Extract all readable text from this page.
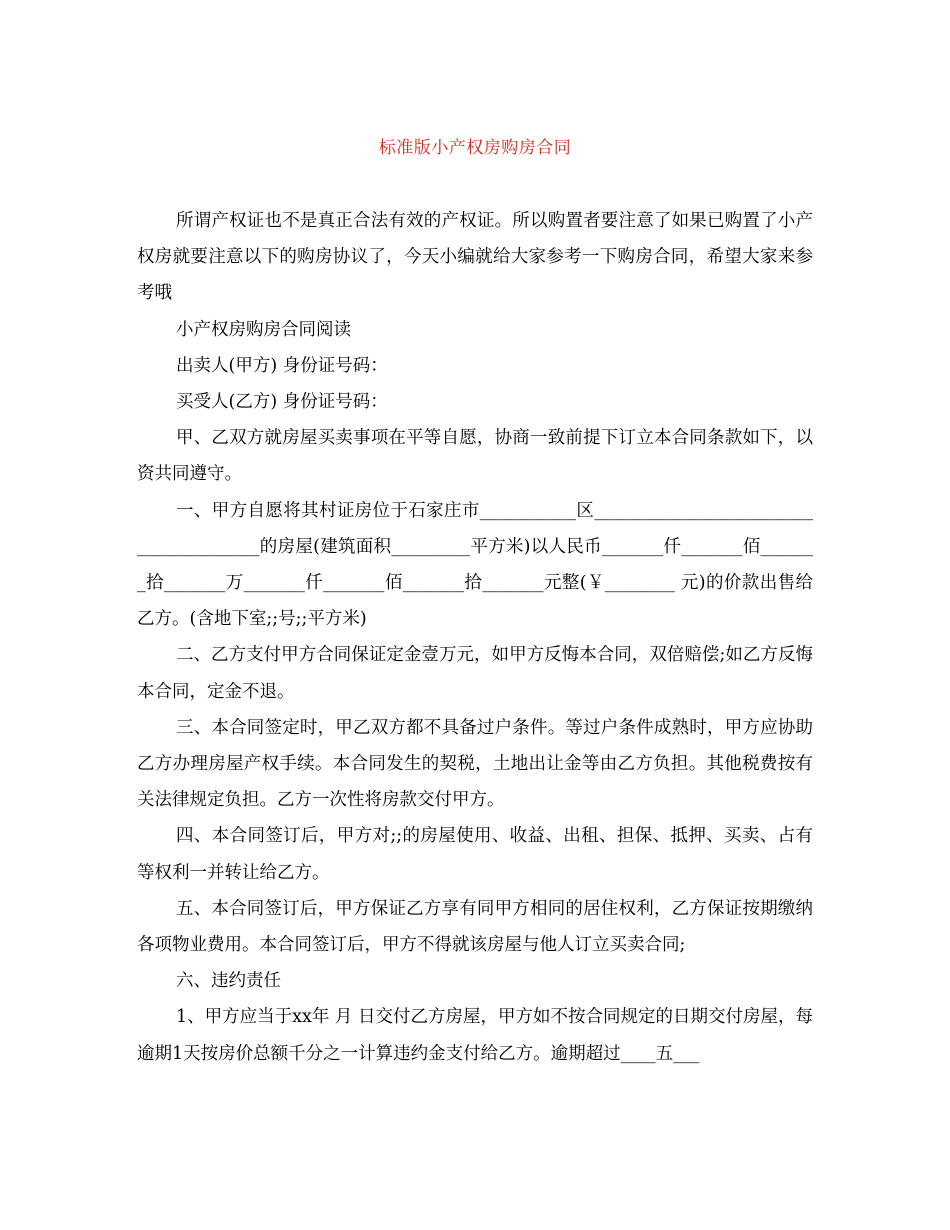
标准版小产权房购房合同

所谓产权证也不是真正合法有效的产权证。所以购置者要注意了如果已购置了小产权房就要注意以下的购房协议了，今天小编就给大家参考一下购房合同，希望大家来参考哦

小产权房购房合同阅读

出卖人(甲方) 身份证号码：

买受人(乙方) 身份证号码：

甲、乙双方就房屋买卖事项在平等自愿，协商一致前提下订立本合同条款如下，以资共同遵守。

一、甲方自愿将其村证房位于石家庄市___________区_______________________________________的房屋(建筑面积_________平方米)以人民币_______仟_______佰_______拾_______万_______仟_______佰_______拾_______元整(￥________ 元)的价款出售给乙方。(含地下室;;号;;平方米)

二、乙方支付甲方合同保证定金壹万元，如甲方反悔本合同，双倍赔偿;如乙方反悔本合同，定金不退。

三、本合同签定时，甲乙双方都不具备过户条件。等过户条件成熟时，甲方应协助乙方办理房屋产权手续。本合同发生的契税，土地出让金等由乙方负担。其他税费按有关法律规定负担。乙方一次性将房款交付甲方。

四、本合同签订后，甲方对;;的房屋使用、收益、出租、担保、抵押、买卖、占有等权利一并转让给乙方。

五、本合同签订后，甲方保证乙方享有同甲方相同的居住权利，乙方保证按期缴纳各项物业费用。本合同签订后，甲方不得就该房屋与他人订立买卖合同;

六、违约责任

1、甲方应当于xx年 月 日交付乙方房屋，甲方如不按合同规定的日期交付房屋，每逾期1天按房价总额千分之一计算违约金支付给乙方。逾期超过____五___
